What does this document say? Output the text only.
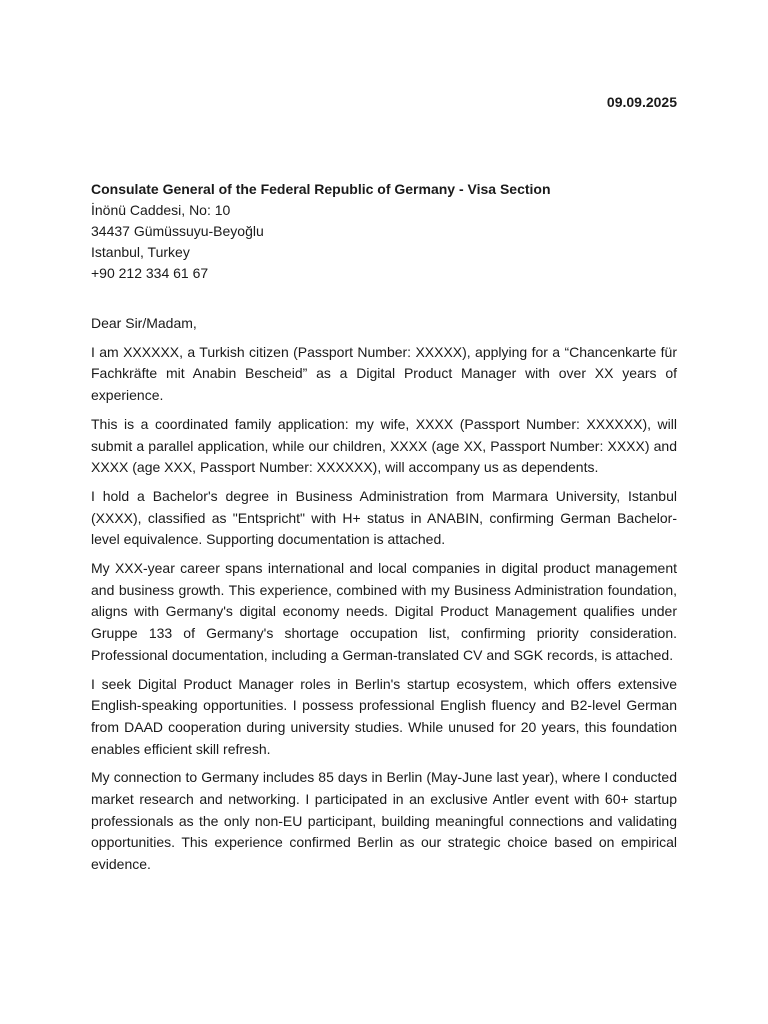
09.09.2025
Consulate General of the Federal Republic of Germany - Visa Section
İnönü Caddesi, No: 10
34437 Gümüssuyu-Beyoğlu
Istanbul, Turkey
+90 212 334 61 67

Dear Sir/Madam,

I am XXXXXX, a Turkish citizen (Passport Number: XXXXX), applying for a “Chancenkarte für Fachkräfte mit Anabin Bescheid” as a Digital Product Manager with over XX years of experience.

This is a coordinated family application: my wife, XXXX (Passport Number: XXXXXX), will submit a parallel application, while our children, XXXX (age XX, Passport Number: XXXX) and XXXX (age XXX, Passport Number: XXXXXX), will accompany us as dependents.

I hold a Bachelor's degree in Business Administration from Marmara University, Istanbul (XXXX), classified as "Entspricht" with H+ status in ANABIN, confirming German Bachelor-level equivalence. Supporting documentation is attached.

My XXX-year career spans international and local companies in digital product management and business growth. This experience, combined with my Business Administration foundation, aligns with Germany's digital economy needs. Digital Product Management qualifies under Gruppe 133 of Germany's shortage occupation list, confirming priority consideration. Professional documentation, including a German-translated CV and SGK records, is attached.

I seek Digital Product Manager roles in Berlin's startup ecosystem, which offers extensive English-speaking opportunities. I possess professional English fluency and B2-level German from DAAD cooperation during university studies. While unused for 20 years, this foundation enables efficient skill refresh.

My connection to Germany includes 85 days in Berlin (May-June last year), where I conducted market research and networking. I participated in an exclusive Antler event with 60+ startup professionals as the only non-EU participant, building meaningful connections and validating opportunities. This experience confirmed Berlin as our strategic choice based on empirical evidence.
